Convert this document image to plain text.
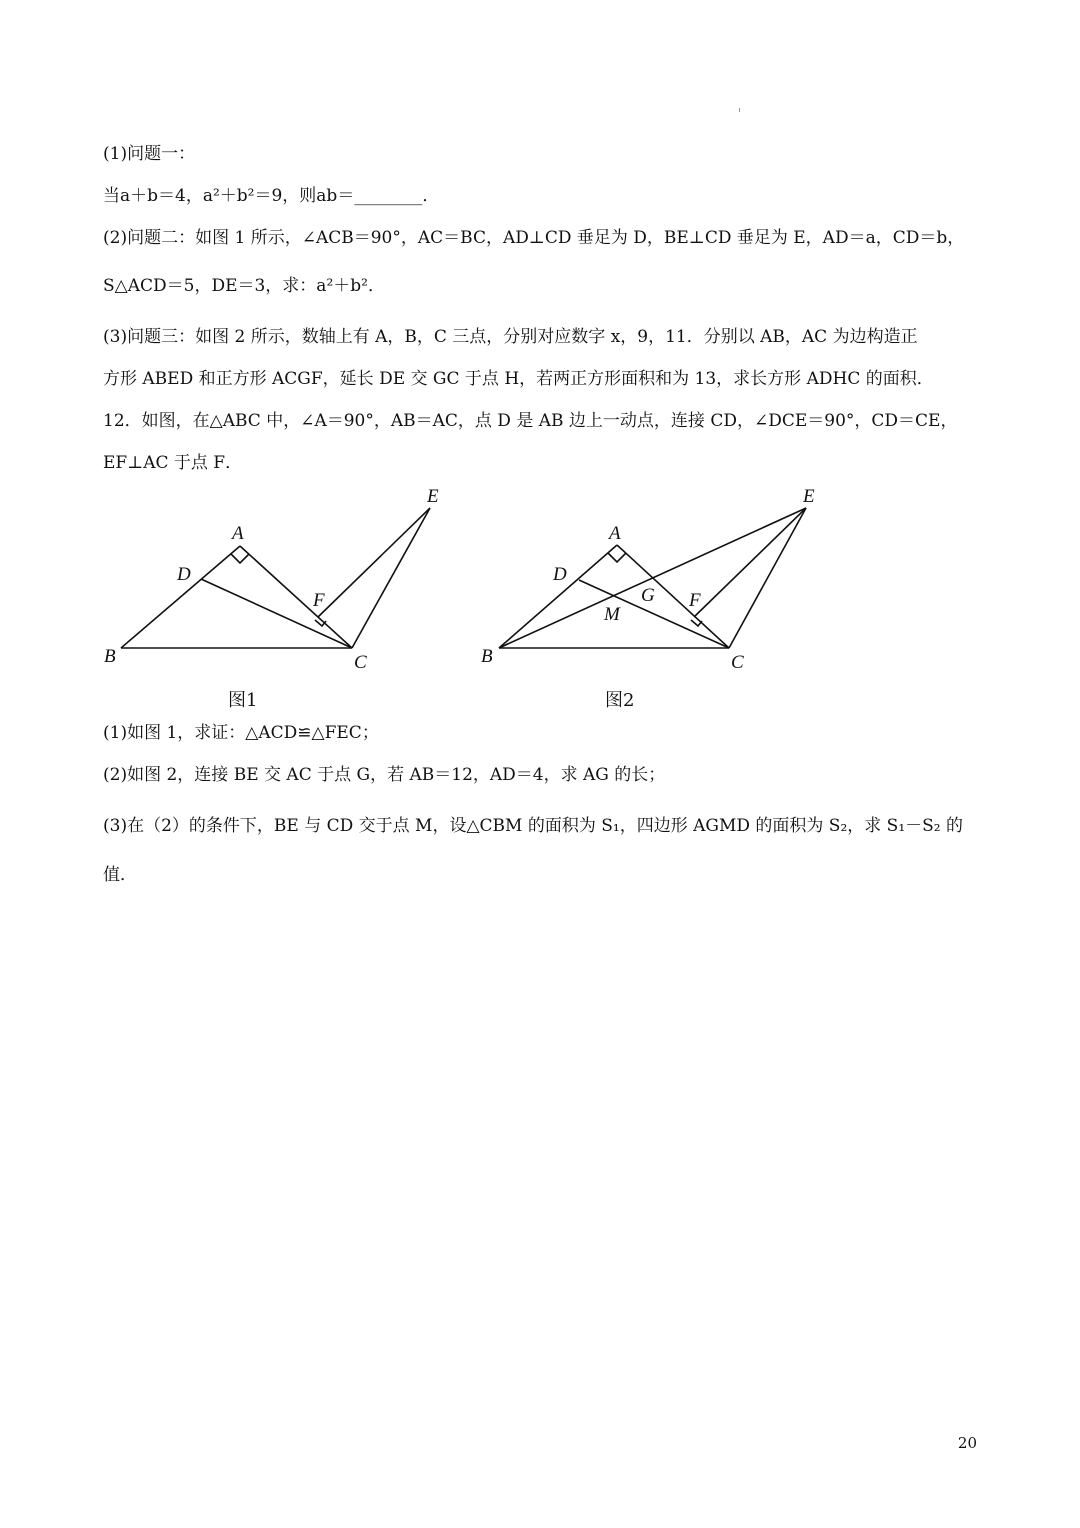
(1)问题一：
当a＋b＝4，a²＋b²＝9，则ab＝________．
(2)问题二：如图 1 所示，∠ACB＝90°，AC＝BC，AD⊥CD 垂足为 D，BE⊥CD 垂足为 E，AD＝a，CD＝b，
S△ACD＝5，DE＝3，求：a²＋b²．
(3)问题三：如图 2 所示，数轴上有 A，B，C 三点，分别对应数字 x，9，11．分别以 AB，AC 为边构造正
方形 ABED 和正方形 ACGF，延长 DE 交 GC 于点 H，若两正方形面积和为 13，求长方形 ADHC 的面积．
12．如图，在△ABC 中，∠A＝90°，AB＝AC，点 D 是 AB 边上一动点，连接 CD，∠DCE＝90°，CD＝CE，
EF⊥AC 于点 F．
A
B	C
D
E
F
图1
A
B	C
D
E
F
G
M
图2
(1)如图 1，求证：△ACD≌△FEC；
(2)如图 2，连接 BE 交 AC 于点 G，若 AB＝12，AD＝4，求 AG 的长；
(3)在（2）的条件下，BE 与 CD 交于点 M，设△CBM 的面积为 S₁，四边形 AGMD 的面积为 S₂，求 S₁－S₂ 的
值．
20
